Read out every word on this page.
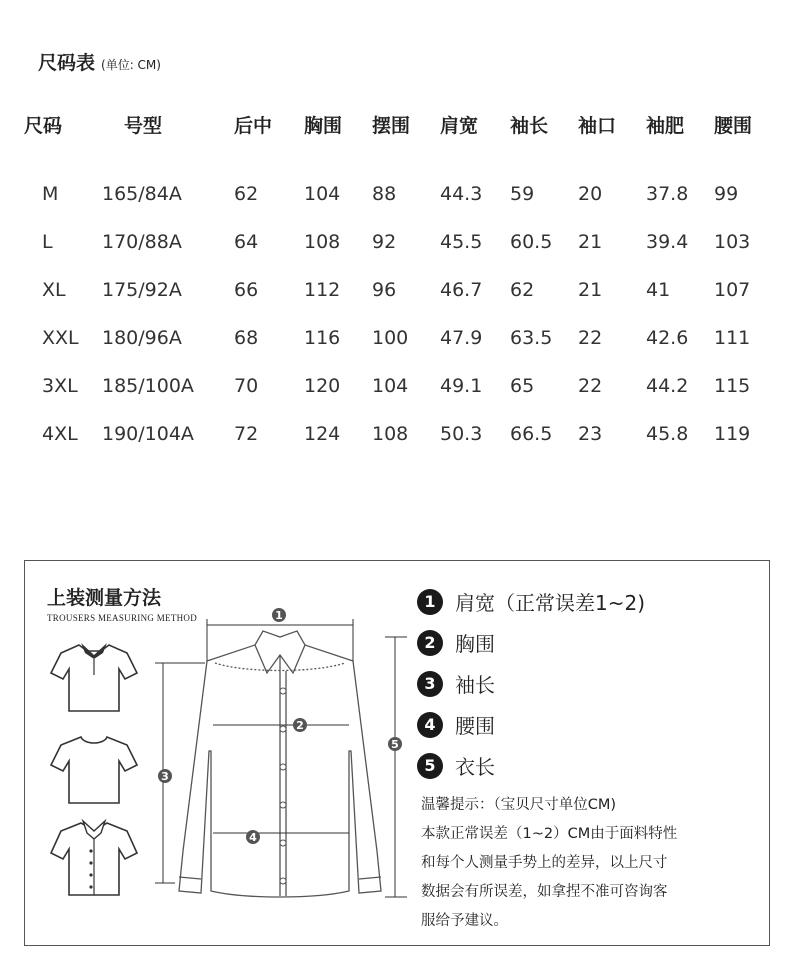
尺码表 (单位: CM)
尺码	号型	后中	胸围	摆围	肩宽	袖长	袖口	袖肥	腰围
M	165/84A	62	104	88	44.3	59	20	37.8	99
L	170/88A	64	108	92	45.5	60.5	21	39.4	103
XL	175/92A	66	112	96	46.7	62	21	41	107
XXL	180/96A	68	116	100	47.9	63.5	22	42.6	111
3XL	185/100A	70	120	104	49.1	65	22	44.2	115
4XL	190/104A	72	124	108	50.3	66.5	23	45.8	119
上装测量方法
TROUSERS MEASURING METHOD	1
2
3
4
5
1 肩宽（正常误差1~2)
2 胸围
3 袖长
4 腰围
5 衣长
温馨提示：（宝贝尺寸单位CM)
本款正常误差（1~2）CM由于面料特性
和每个人测量手势上的差异，以上尺寸
数据会有所误差，如拿捏不准可咨询客
服给予建议。
